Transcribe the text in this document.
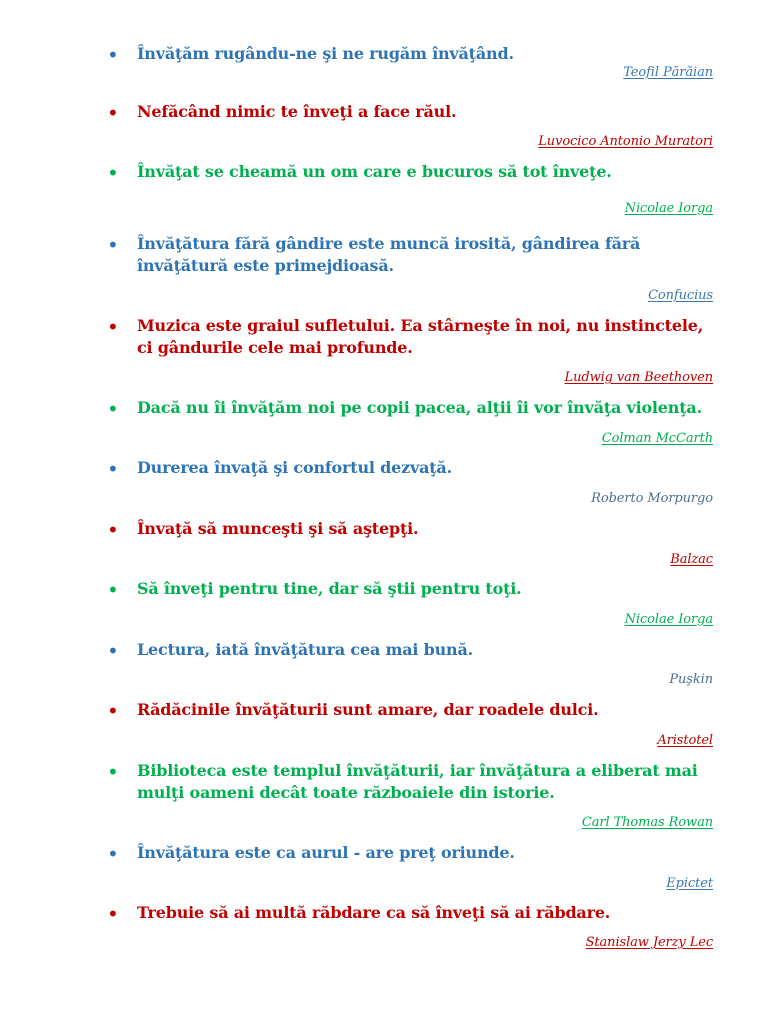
• Învăţăm rugându-ne şi ne rugăm învăţând.
Teofil Părăian
• Nefăcând nimic te înveţi a face răul.
Luvocico Antonio Muratori
• Învăţat se cheamă un om care e bucuros să tot înveţe.
Nicolae Iorga
• Învăţătura fără gândire este muncă irosită, gândirea fără învăţătură este primejdioasă.
Confucius
• Muzica este graiul sufletului. Ea stârneşte în noi, nu instinctele, ci gândurile cele mai profunde.
Ludwig van Beethoven
• Dacă nu îi învăţăm noi pe copii pacea, alţii îi vor învăţa violenţa.
Colman McCarth
• Durerea învaţă şi confortul dezvaţă.
Roberto Morpurgo
• Învaţă să munceşti şi să aştepţi.
Balzac
• Să înveţi pentru tine, dar să ştii pentru toţi.
Nicolae Iorga
• Lectura, iată învăţătura cea mai bună.
Puşkin
• Rădăcinile învăţăturii sunt amare, dar roadele dulci.
Aristotel
• Biblioteca este templul învăţăturii, iar învăţătura a eliberat mai mulţi oameni decât toate războaiele din istorie.
Carl Thomas Rowan
• Învăţătura este ca aurul - are preţ oriunde.
Epictet
• Trebuie să ai multă răbdare ca să înveţi să ai răbdare.
Stanislaw Jerzy Lec
